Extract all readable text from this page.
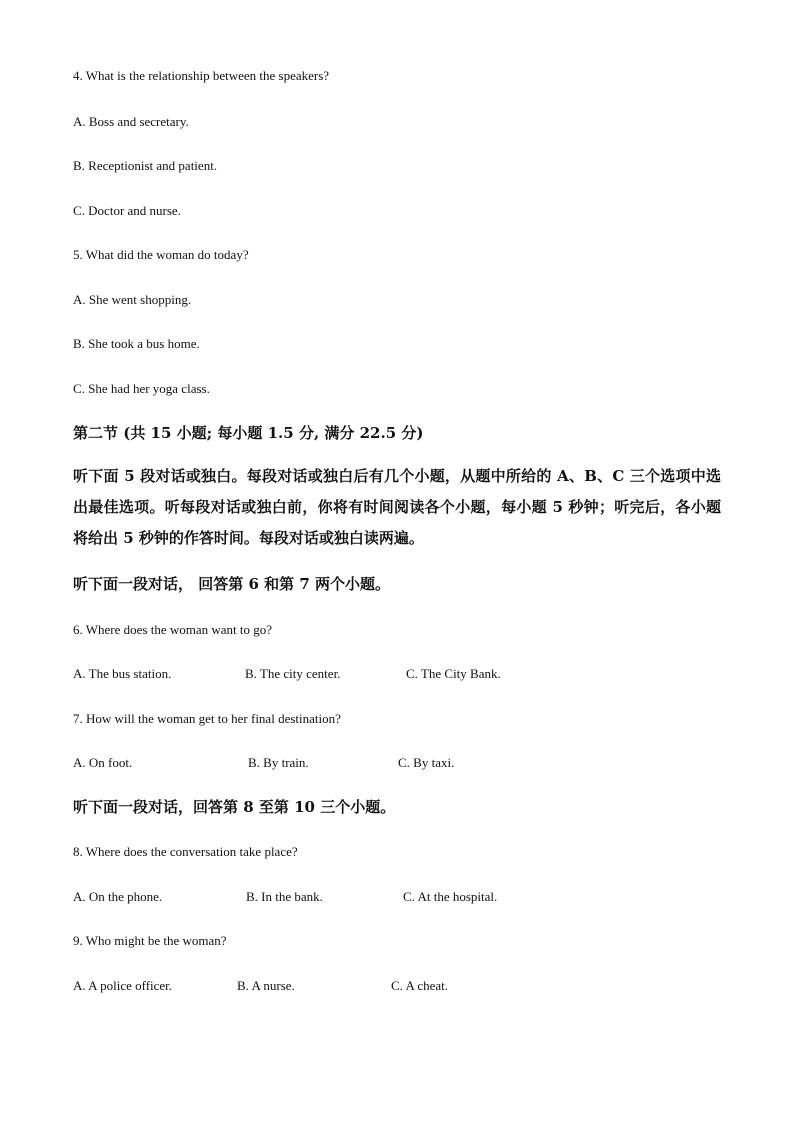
4. What is the relationship between the speakers?
A. Boss and secretary.
B. Receptionist and patient.
C. Doctor and nurse.
5. What did the woman do today?
A. She went shopping.
B. She took a bus home.
C. She had her yoga class.
第二节 (共 15 小题; 每小题 1.5 分, 满分 22.5 分)
听下面 5 段对话或独白。每段对话或独白后有几个小题，从题中所给的 A、B、C 三个选项中选出最佳选项。听每段对话或独白前，你将有时间阅读各个小题，每小题 5 秒钟；听完后，各小题将给出 5 秒钟的作答时间。每段对话或独白读两遍。
听下面一段对话， 回答第 6 和第 7 两个小题。
6. Where does the woman want to go?
A. The bus station.	B. The city center.	C. The City Bank.
7. How will the woman get to her final destination?
A. On foot.	B. By train.	C. By taxi.
听下面一段对话，回答第 8 至第 10 三个小题。
8. Where does the conversation take place?
A. On the phone.	B. In the bank.	C. At the hospital.
9. Who might be the woman?
A. A police officer.	B. A nurse.	C. A cheat.
